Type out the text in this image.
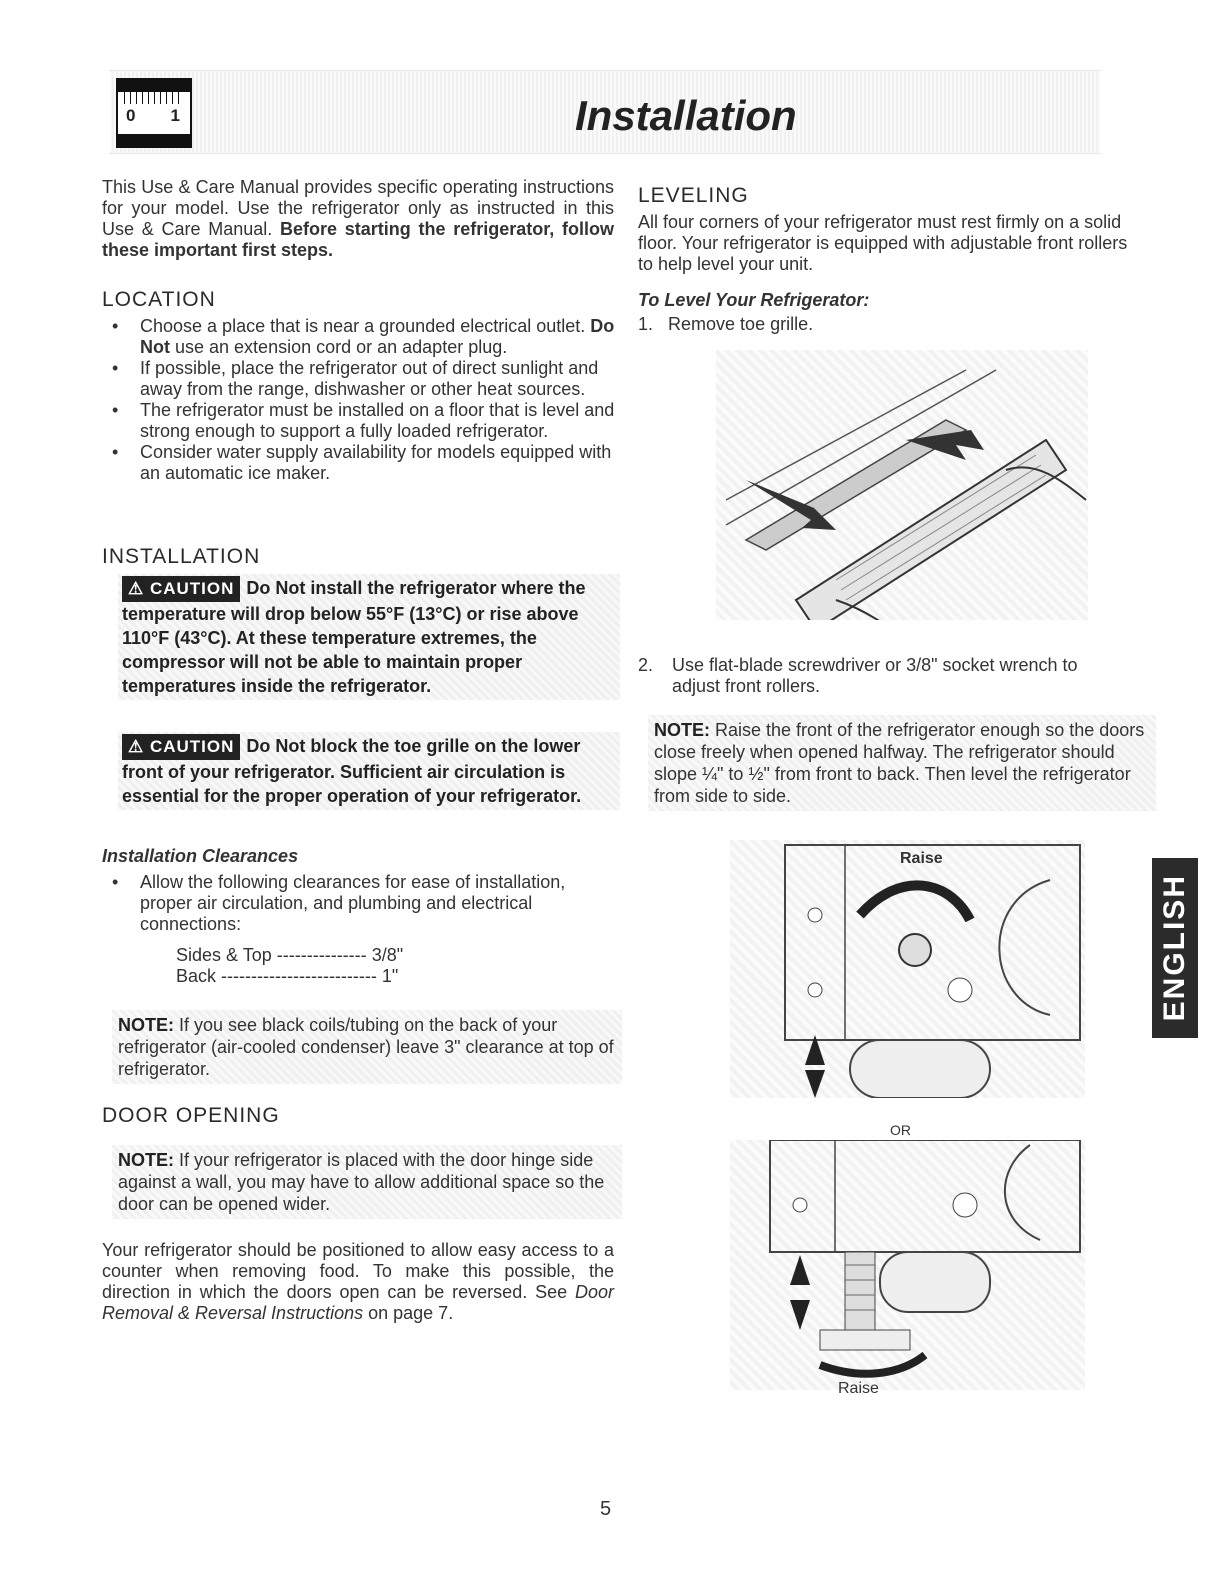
0 1	Installation
This Use & Care Manual provides specific operating instructions for your model. Use the refrigerator only as instructed in this Use & Care Manual. Before starting the refrigerator, follow these important first steps.
LOCATION
• Choose a place that is near a grounded electrical outlet. Do Not use an extension cord or an adapter plug.
• If possible, place the refrigerator out of direct sunlight and away from the range, dishwasher or other heat sources.
• The refrigerator must be installed on a floor that is level and strong enough to support a fully loaded refrigerator.
• Consider water supply availability for models equipped with an automatic ice maker.
INSTALLATION
⚠ CAUTION Do Not install the refrigerator where the temperature will drop below 55°F (13°C) or rise above 110°F (43°C). At these temperature extremes, the compressor will not be able to maintain proper temperatures inside the refrigerator.
⚠ CAUTION Do Not block the toe grille on the lower front of your refrigerator. Sufficient air circulation is essential for the proper operation of your refrigerator.
Installation Clearances
• Allow the following clearances for ease of installation, proper air circulation, and plumbing and electrical connections:
Sides & Top --------------- 3/8"
Back -------------------------- 1"
NOTE: If you see black coils/tubing on the back of your refrigerator (air-cooled condenser) leave 3" clearance at top of refrigerator.
DOOR OPENING
NOTE: If your refrigerator is placed with the door hinge side against a wall, you may have to allow additional space so the door can be opened wider.
Your refrigerator should be positioned to allow easy access to a counter when removing food. To make this possible, the direction in which the doors open can be reversed. See Door Removal & Reversal Instructions on page 7.
LEVELING
All four corners of your refrigerator must rest firmly on a solid floor. Your refrigerator is equipped with adjustable front rollers to help level your unit.
To Level Your Refrigerator:
1. Remove toe grille.
2.	Use flat-blade screwdriver or 3/8" socket wrench to adjust front rollers.
NOTE: Raise the front of the refrigerator enough so the doors close freely when opened halfway. The refrigerator should slope ¼" to ½" from front to back. Then level the refrigerator from side to side.
Raise
OR
Raise
ENGLISH
5
